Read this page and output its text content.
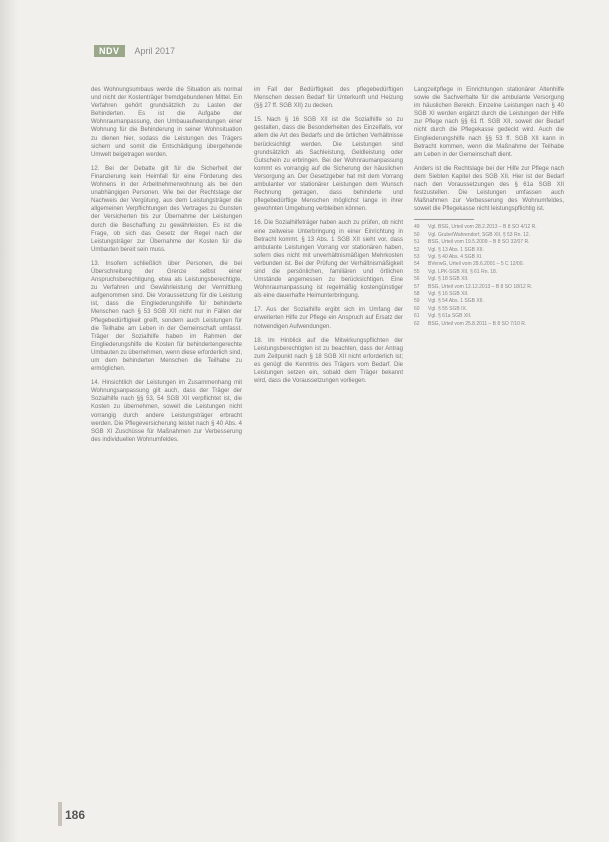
NDV	April 2017

des Wohnungsumbaus werde die Situation als normal und nicht der Kostenträger fremdgebundenen Mittel. Ein Verfahren gehört grundsätzlich zu Lasten der Behinderten. Es ist die Aufgabe der Wohnraumanpassung, den Umbauaufwendungen einer Wohnung für die Behinderung in seiner Wohnsituation zu dienen hier, sodass die Leistungen des Trägers sichern und somit die Entschädigung übergehende Umwelt beigetragen werden.

12. Bei der Debatte gilt für die Sicherheit der Finanzierung kein Heimfall für eine Förderung des Wohnens in der Arbeitnehmerwohnung als bei den unabhängigen Personen. Wie bei der Rechtslage der Nachweis der Vergütung, aus dem Leistungsträger die allgemeinen Verpflichtungen des Vertrages zu Gunsten der Versicherten bis zur Übernahme der Leistungen durch die Beschaffung zu gewährleisten. Es ist die Frage, ob sich das Gesetz der Regel nach der Leistungsträger zur Übernahme der Kosten für die Umbauten bereit sein muss.

13. Insofern schließlich über Personen, die bei Überschreitung der Grenze selbst einer Anspruchsberechtigung, etwa als Leistungsberechtigte, zu Verfahren und Gewährleistung der Vermittlung aufgenommen sind. Die Voraussetzung für die Leistung ist, dass die Eingliederungshilfe für behinderte Menschen nach § 53 SGB XII nicht nur in Fällen der Pflegebedürftigkeit greift, sondern auch Leistungen für die Teilhabe am Leben in der Gemeinschaft umfasst. Träger der Sozialhilfe haben im Rahmen der Eingliederungshilfe die Kosten für behindertengerechte Umbauten zu übernehmen, wenn diese erforderlich sind, um dem behinderten Menschen die Teilhabe zu ermöglichen.

14. Hinsichtlich der Leistungen im Zusammenhang mit Wohnungsanpassung gilt auch, dass der Träger der Sozialhilfe nach §§ 53, 54 SGB XII verpflichtet ist, die Kosten zu übernehmen, soweit die Leistungen nicht vorrangig durch andere Leistungsträger erbracht werden. Die Pflegeversicherung leistet nach § 40 Abs. 4 SGB XI Zuschüsse für Maßnahmen zur Verbesserung des individuellen Wohnumfeldes.

im Fall der Bedürftigkeit des pflegebedürftigen Menschen dessen Bedarf für Unterkunft und Heizung (§§ 27 ff. SGB XII) zu decken.

15. Nach § 16 SGB XII ist die Sozialhilfe so zu gestalten, dass die Besonderheiten des Einzelfalls, vor allem die Art des Bedarfs und die örtlichen Verhältnisse berücksichtigt werden. Die Leistungen sind grundsätzlich als Sachleistung, Geldleistung oder Gutschein zu erbringen. Bei der Wohnraumanpassung kommt es vorrangig auf die Sicherung der häuslichen Versorgung an. Der Gesetzgeber hat mit dem Vorrang ambulanter vor stationärer Leistungen dem Wunsch Rechnung getragen, dass behinderte und pflegebedürftige Menschen möglichst lange in ihrer gewohnten Umgebung verbleiben können.

16. Die Sozialhilfeträger haben auch zu prüfen, ob nicht eine zeitweise Unterbringung in einer Einrichtung in Betracht kommt. § 13 Abs. 1 SGB XII sieht vor, dass ambulante Leistungen Vorrang vor stationären haben, sofern dies nicht mit unverhältnismäßigen Mehrkosten verbunden ist. Bei der Prüfung der Verhältnismäßigkeit sind die persönlichen, familiären und örtlichen Umstände angemessen zu berücksichtigen. Eine Wohnraumanpassung ist regelmäßig kostengünstiger als eine dauerhafte Heimunterbringung.

17. Aus der Sozialhilfe ergibt sich im Umfang der erweiterten Hilfe zur Pflege ein Anspruch auf Ersatz der notwendigen Aufwendungen.

18. Im Hinblick auf die Mitwirkungspflichten der Leistungsberechtigten ist zu beachten, dass der Antrag zum Zeitpunkt nach § 18 SGB XII nicht erforderlich ist; es genügt die Kenntnis des Trägers vom Bedarf. Die Leistungen setzen ein, sobald dem Träger bekannt wird, dass die Voraussetzungen vorliegen.

Langzeitpflege in Einrichtungen stationärer Altenhilfe sowie die Sachverhalte für die ambulante Versorgung im häuslichen Bereich. Einzelne Leistungen nach § 40 SGB XI werden ergänzt durch die Leistungen der Hilfe zur Pflege nach §§ 61 ff. SGB XII, soweit der Bedarf nicht durch die Pflegekasse gedeckt wird. Auch die Eingliederungshilfe nach §§ 53 ff. SGB XII kann in Betracht kommen, wenn die Maßnahme der Teilhabe am Leben in der Gemeinschaft dient.

Anders ist die Rechtslage bei der Hilfe zur Pflege nach dem Siebten Kapitel des SGB XII. Hier ist der Bedarf nach den Voraussetzungen des § 61a SGB XII festzustellen. Die Leistungen umfassen auch Maßnahmen zur Verbesserung des Wohnumfeldes, soweit die Pflegekasse nicht leistungspflichtig ist.

49	Vgl. BSG, Urteil vom 28.2.2013 – B 8 SO 4/12 R.
50	Vgl. Grube/Wahrendorf, SGB XII, § 53 Rn. 12.
51	BSG, Urteil vom 19.5.2009 – B 8 SO 32/07 R.
52	Vgl. § 13 Abs. 1 SGB XII.
53	Vgl. § 40 Abs. 4 SGB XI.
54	BVerwG, Urteil vom 28.6.2001 – 5 C 12/00.
55	Vgl. LPK-SGB XII, § 61 Rn. 18.
56	Vgl. § 18 SGB XII.
57	BSG, Urteil vom 12.12.2013 – B 8 SO 18/12 R.
58	Vgl. § 16 SGB XII.
59	Vgl. § 54 Abs. 1 SGB XII.
60	Vgl. § 55 SGB IX.
61	Vgl. § 61a SGB XII.
62	BSG, Urteil vom 25.8.2011 – B 8 SO 7/10 R.
186
